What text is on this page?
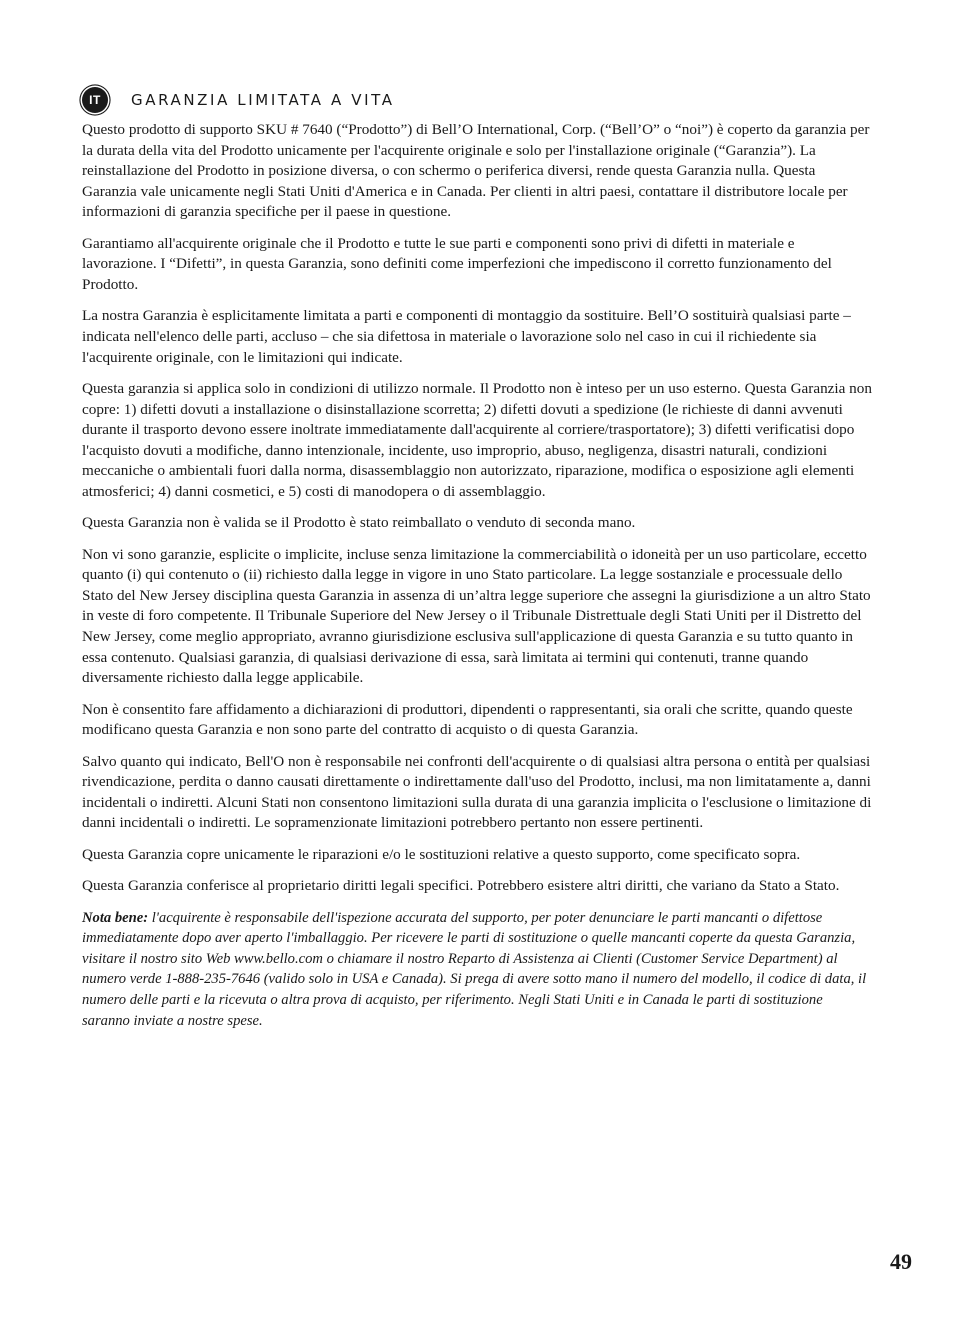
IT	GARANZIA LIMITATA A VITA

Questo prodotto di supporto SKU # 7640 (“Prodotto”) di Bell’O International, Corp. (“Bell’O” o “noi”) è coperto da garanzia per la durata della vita del Prodotto unicamente per l'acquirente originale e solo per l'installazione originale (“Garanzia”). La reinstallazione del Prodotto in posizione diversa, o con schermo o periferica diversi, rende questa Garanzia nulla. Questa Garanzia vale unicamente negli Stati Uniti d'America e in Canada. Per clienti in altri paesi, contattare il distributore locale per informazioni di garanzia specifiche per il paese in questione.

Garantiamo all'acquirente originale che il Prodotto e tutte le sue parti e componenti sono privi di difetti in materiale e lavorazione. I “Difetti”, in questa Garanzia, sono definiti come imperfezioni che impediscono il corretto funzionamento del Prodotto.

La nostra Garanzia è esplicitamente limitata a parti e componenti di montaggio da sostituire. Bell’O sostituirà qualsiasi parte – indicata nell'elenco delle parti, accluso – che sia difettosa in materiale o lavorazione solo nel caso in cui il richiedente sia l'acquirente originale, con le limitazioni qui indicate.

Questa garanzia si applica solo in condizioni di utilizzo normale. Il Prodotto non è inteso per un uso esterno. Questa Garanzia non copre: 1) difetti dovuti a installazione o disinstallazione scorretta; 2) difetti dovuti a spedizione (le richieste di danni avvenuti durante il trasporto devono essere inoltrate immediatamente dall'acquirente al corriere/trasportatore); 3) difetti verificatisi dopo l'acquisto dovuti a modifiche, danno intenzionale, incidente, uso improprio, abuso, negligenza, disastri naturali, condizioni meccaniche o ambientali fuori dalla norma, disassemblaggio non autorizzato, riparazione, modifica o esposizione agli elementi atmosferici; 4) danni cosmetici, e 5) costi di manodopera o di assemblaggio.

Questa Garanzia non è valida se il Prodotto è stato reimballato o venduto di seconda mano.

Non vi sono garanzie, esplicite o implicite, incluse senza limitazione la commerciabilità o idoneità per un uso particolare, eccetto quanto (i) qui contenuto o (ii) richiesto dalla legge in vigore in uno Stato particolare. La legge sostanziale e processuale dello Stato del New Jersey disciplina questa Garanzia in assenza di un’altra legge superiore che assegni la giurisdizione a un altro Stato in veste di foro competente. Il Tribunale Superiore del New Jersey o il Tribunale Distrettuale degli Stati Uniti per il Distretto del New Jersey, come meglio appropriato, avranno giurisdizione esclusiva sull'applicazione di questa Garanzia e su tutto quanto in essa contenuto. Qualsiasi garanzia, di qualsiasi derivazione di essa, sarà limitata ai termini qui contenuti, tranne quando diversamente richiesto dalla legge applicabile.

Non è consentito fare affidamento a dichiarazioni di produttori, dipendenti o rappresentanti, sia orali che scritte, quando queste modificano questa Garanzia e non sono parte del contratto di acquisto o di questa Garanzia.

Salvo quanto qui indicato, Bell'O non è responsabile nei confronti dell'acquirente o di qualsiasi altra persona o entità per qualsiasi rivendicazione, perdita o danno causati direttamente o indirettamente dall'uso del Prodotto, inclusi, ma non limitatamente a, danni incidentali o indiretti. Alcuni Stati non consentono limitazioni sulla durata di una garanzia implicita o l'esclusione o limitazione di danni incidentali o indiretti. Le sopramenzionate limitazioni potrebbero pertanto non essere pertinenti.

Questa Garanzia copre unicamente le riparazioni e/o le sostituzioni relative a questo supporto, come specificato sopra.

Questa Garanzia conferisce al proprietario diritti legali specifici. Potrebbero esistere altri diritti, che variano da Stato a Stato.

Nota bene: l'acquirente è responsabile dell'ispezione accurata del supporto, per poter denunciare le parti mancanti o difettose immediatamente dopo aver aperto l'imballaggio. Per ricevere le parti di sostituzione o quelle mancanti coperte da questa Garanzia, visitare il nostro sito Web www.bello.com o chiamare il nostro Reparto di Assistenza ai Clienti (Customer Service Department) al numero verde 1-888-235-7646 (valido solo in USA e Canada). Si prega di avere sotto mano il numero del modello, il codice di data, il numero delle parti e la ricevuta o altra prova di acquisto, per riferimento. Negli Stati Uniti e in Canada le parti di sostituzione saranno inviate a nostre spese.

49
